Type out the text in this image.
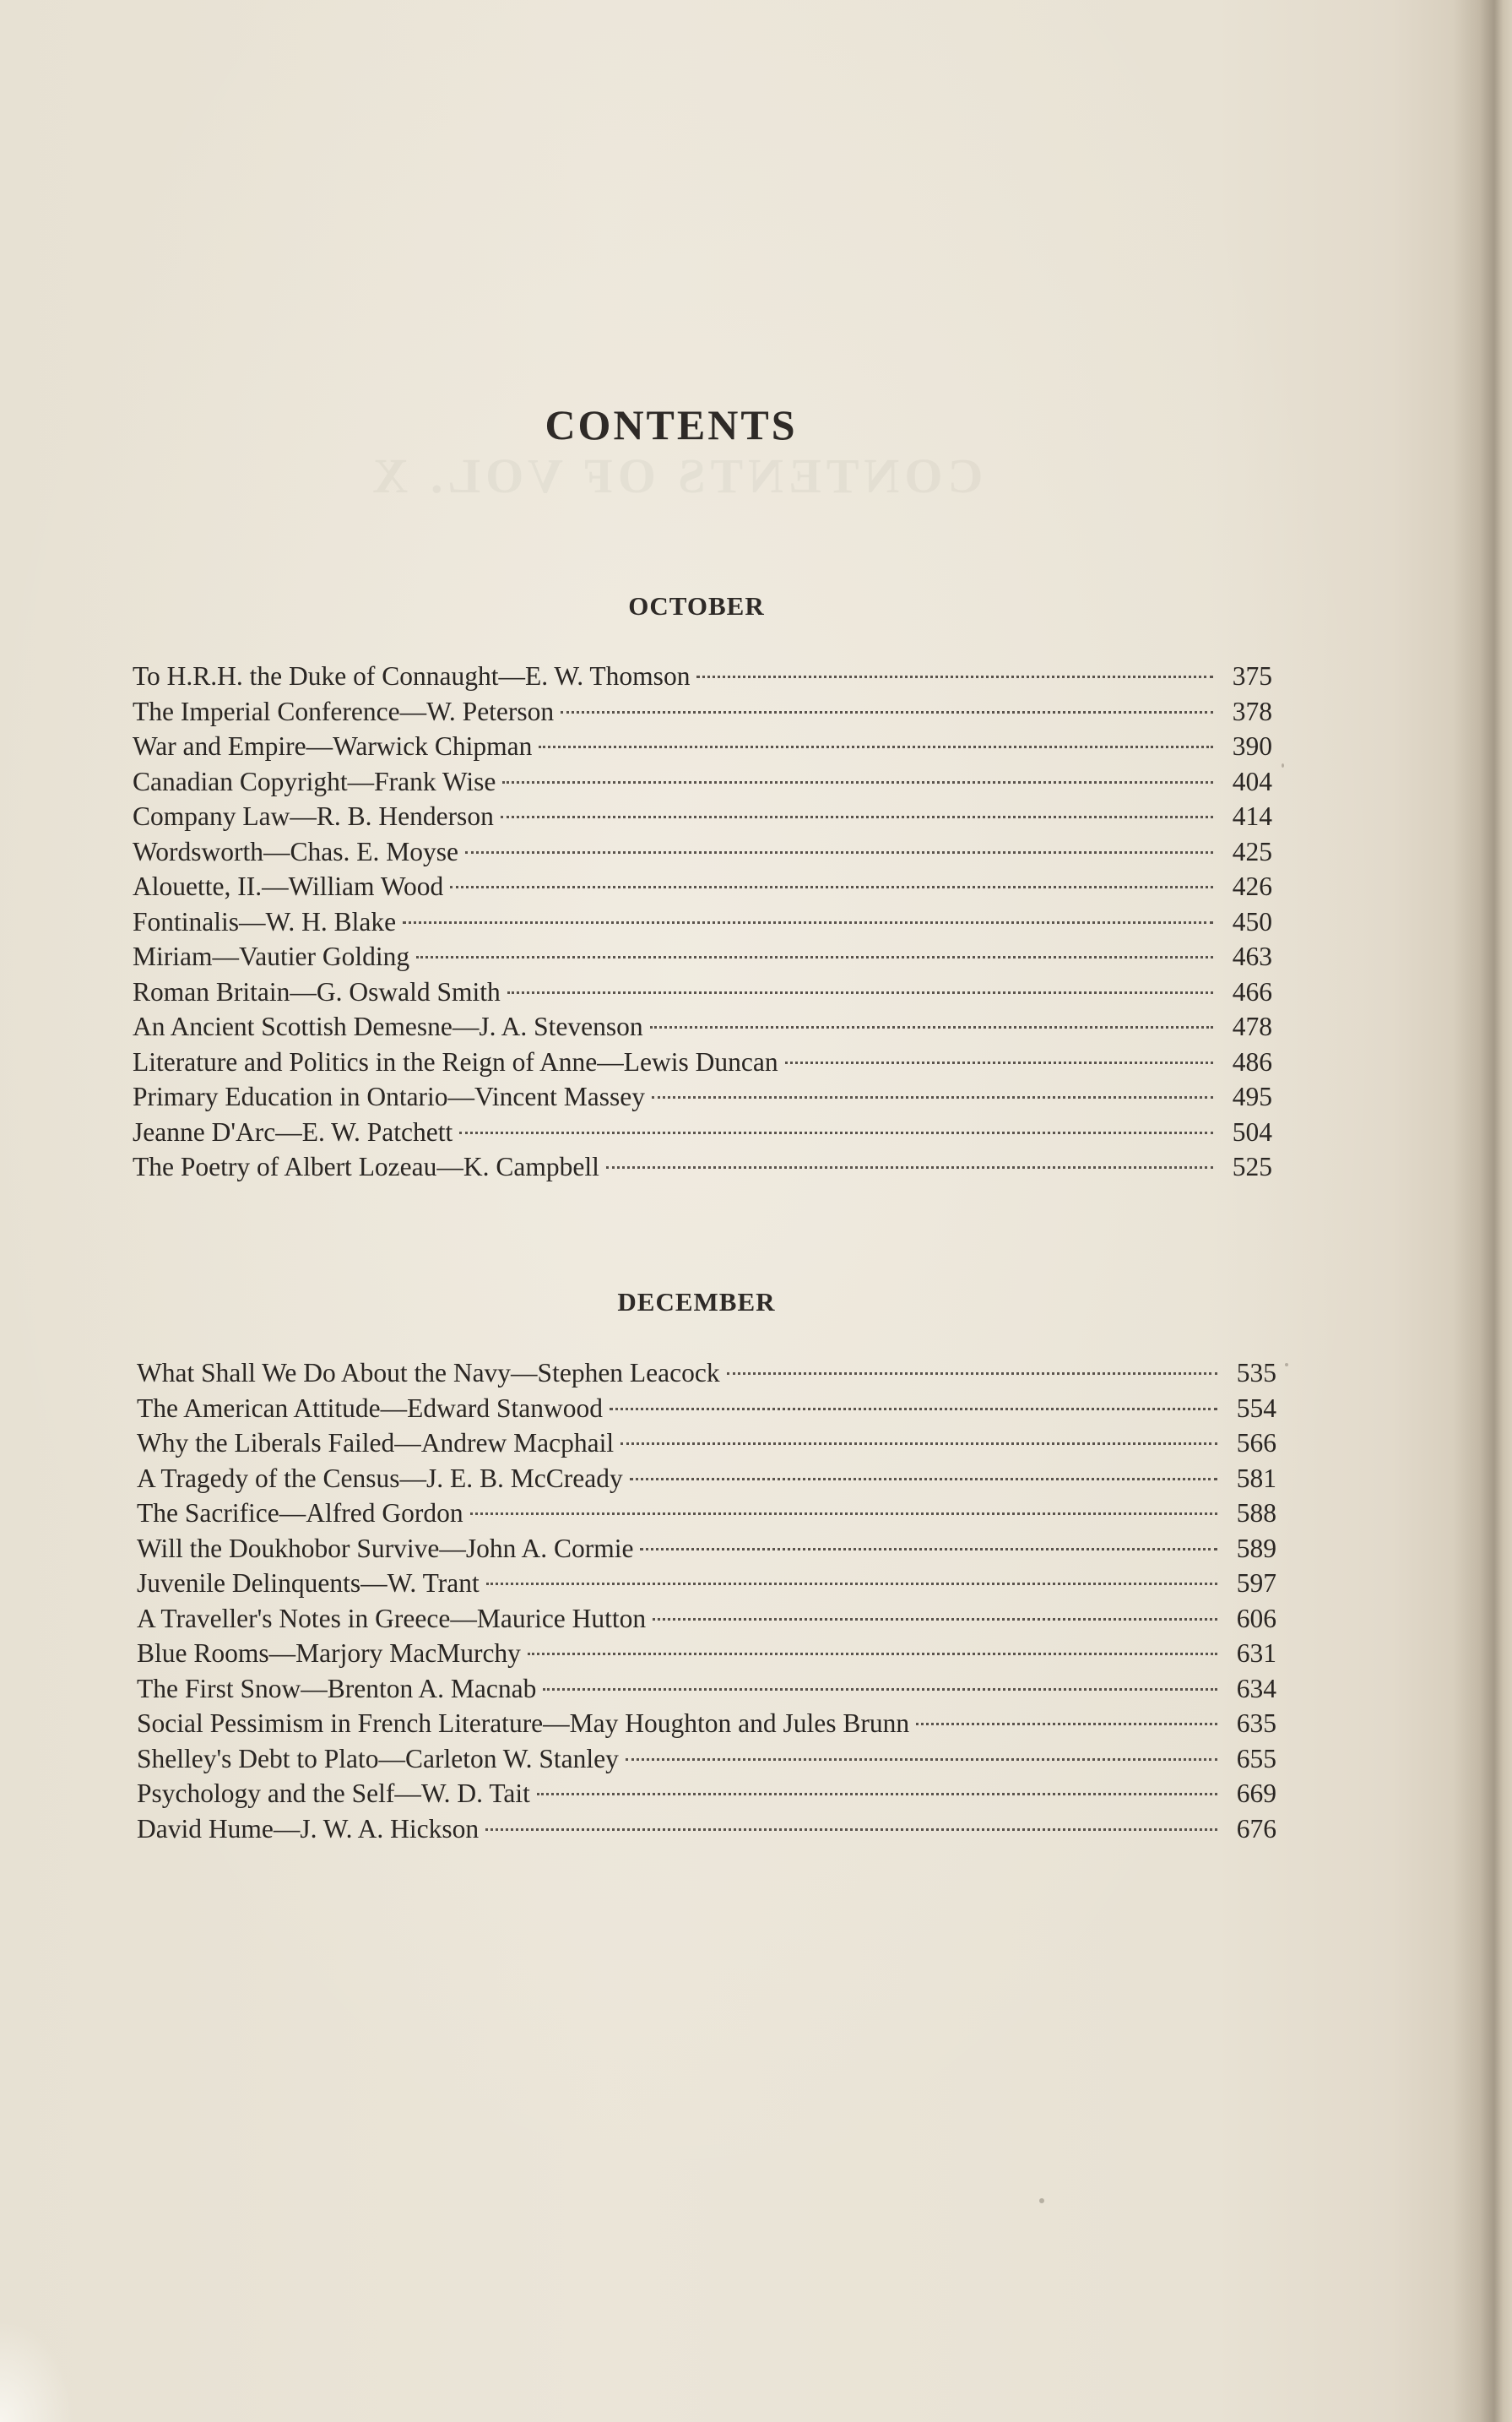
CONTENTS OF VOL. X
CONTENTS
OCTOBER
To H.R.H. the Duke of Connaught—E. W. Thomson	375
The Imperial Conference—W. Peterson	378
War and Empire—Warwick Chipman	390
Canadian Copyright—Frank Wise	404
Company Law—R. B. Henderson	414
Wordsworth—Chas. E. Moyse	425
Alouette, II.—William Wood	426
Fontinalis—W. H. Blake	450
Miriam—Vautier Golding	463
Roman Britain—G. Oswald Smith	466
An Ancient Scottish Demesne—J. A. Stevenson	478
Literature and Politics in the Reign of Anne—Lewis Duncan	486
Primary Education in Ontario—Vincent Massey	495
Jeanne D'Arc—E. W. Patchett	504
The Poetry of Albert Lozeau—K. Campbell	525
DECEMBER
What Shall We Do About the Navy—Stephen Leacock	535
The American Attitude—Edward Stanwood	554
Why the Liberals Failed—Andrew Macphail	566
A Tragedy of the Census—J. E. B. McCready	581
The Sacrifice—Alfred Gordon	588
Will the Doukhobor Survive—John A. Cormie	589
Juvenile Delinquents—W. Trant	597
A Traveller's Notes in Greece—Maurice Hutton	606
Blue Rooms—Marjory MacMurchy	631
The First Snow—Brenton A. Macnab	634
Social Pessimism in French Literature—May Houghton and Jules Brunn	635
Shelley's Debt to Plato—Carleton W. Stanley	655
Psychology and the Self—W. D. Tait	669
David Hume—J. W. A. Hickson	676
